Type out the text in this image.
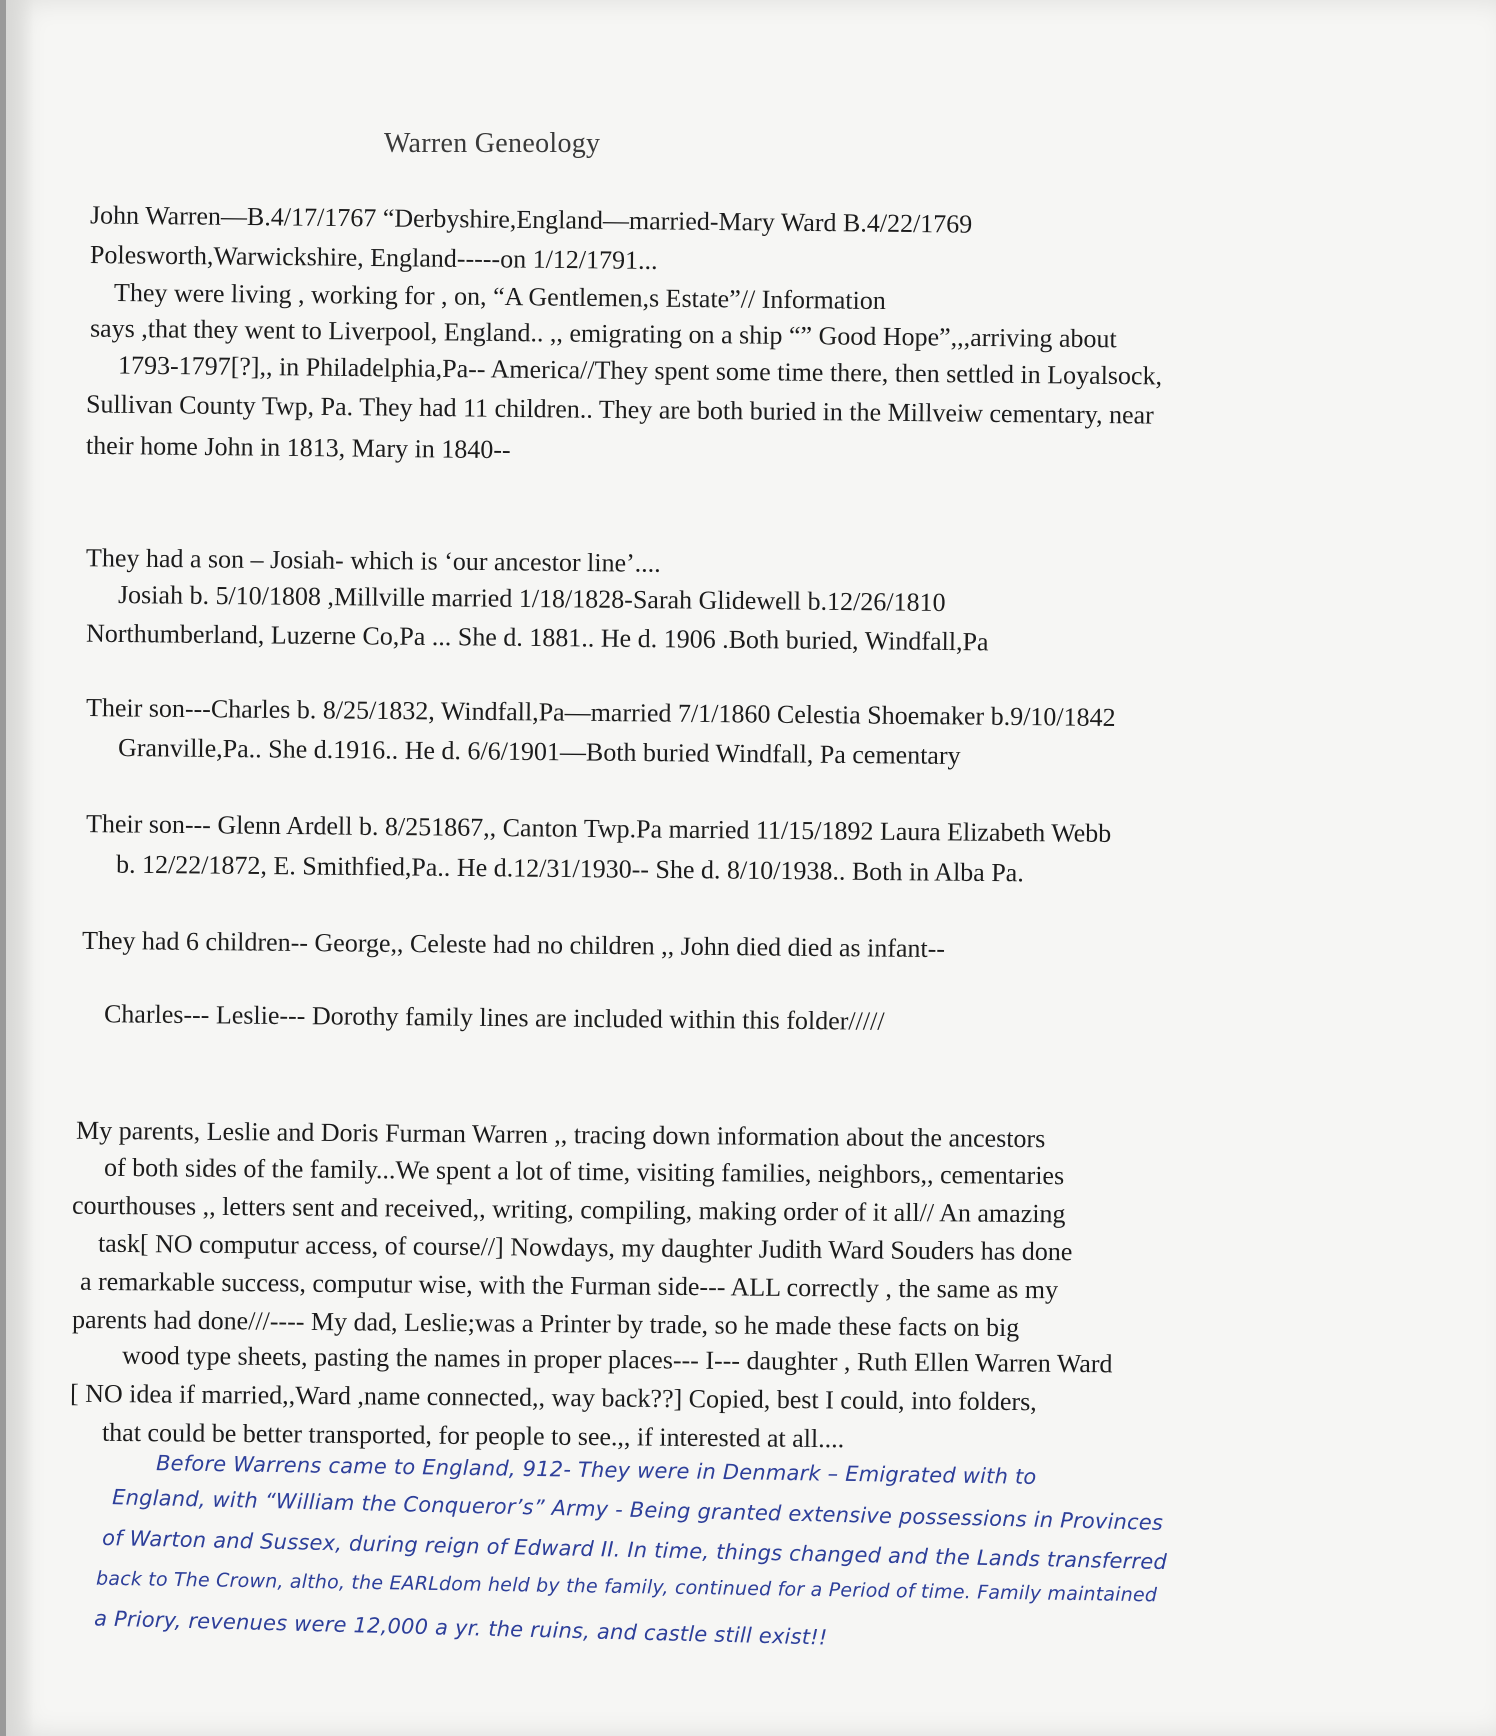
Warren Geneology

John Warren—B.4/17/1767 “Derbyshire,England—married-Mary Ward B.4/22/1769

Polesworth,Warwickshire, England-----on 1/12/1791...

They were living , working for , on, “A Gentlemen,s Estate”// Information

says ,that they went to Liverpool, England.. ,, emigrating on a ship “” Good Hope”,,,arriving about

1793-1797[?],, in Philadelphia,Pa-- America//They spent some time there, then settled in Loyalsock,

Sullivan County Twp, Pa. They had 11 children.. They are both buried in the Millveiw cementary, near

their home John in 1813, Mary in 1840--

They had a son – Josiah- which is ‘our ancestor line’....

Josiah b. 5/10/1808 ,Millville married 1/18/1828-Sarah Glidewell b.12/26/1810

Northumberland, Luzerne Co,Pa ... She d. 1881.. He d. 1906 .Both buried, Windfall,Pa

Their son---Charles b. 8/25/1832, Windfall,Pa—married 7/1/1860 Celestia Shoemaker b.9/10/1842

Granville,Pa.. She d.1916.. He d. 6/6/1901—Both buried Windfall, Pa cementary

Their son--- Glenn Ardell b. 8/251867,, Canton Twp.Pa married 11/15/1892 Laura Elizabeth Webb

b. 12/22/1872, E. Smithfied,Pa.. He d.12/31/1930-- She d. 8/10/1938.. Both in Alba Pa.

They had 6 children-- George,, Celeste had no children ,, John died died as infant--

Charles--- Leslie--- Dorothy family lines are included within this folder/////

My parents, Leslie and Doris Furman Warren ,, tracing down information about the ancestors

of both sides of the family...We spent a lot of time, visiting families, neighbors,, cementaries

courthouses ,, letters sent and received,, writing, compiling, making order of it all// An amazing

task[ NO computur access, of course//] Nowdays, my daughter Judith Ward Souders has done

a remarkable success, computur wise, with the Furman side--- ALL correctly , the same as my

parents had done///---- My dad, Leslie;was a Printer by trade, so he made these facts on big

wood type sheets, pasting the names in proper places--- I--- daughter , Ruth Ellen Warren Ward

[ NO idea if married,,Ward ,name connected,, way back??] Copied, best I could, into folders,

that could be better transported, for people to see.,, if interested at all....

Before Warrens came to England, 912- They were in Denmark – Emigrated with to

England, with “William the Conqueror’s” Army - Being granted extensive possessions in Provinces

of Warton and Sussex, during reign of Edward II. In time, things changed and the Lands transferred

back to The Crown, altho, the EARLdom held by the family, continued for a Period of time. Family maintained

a Priory, revenues were 12,000 a yr. the ruins, and castle still exist!!
